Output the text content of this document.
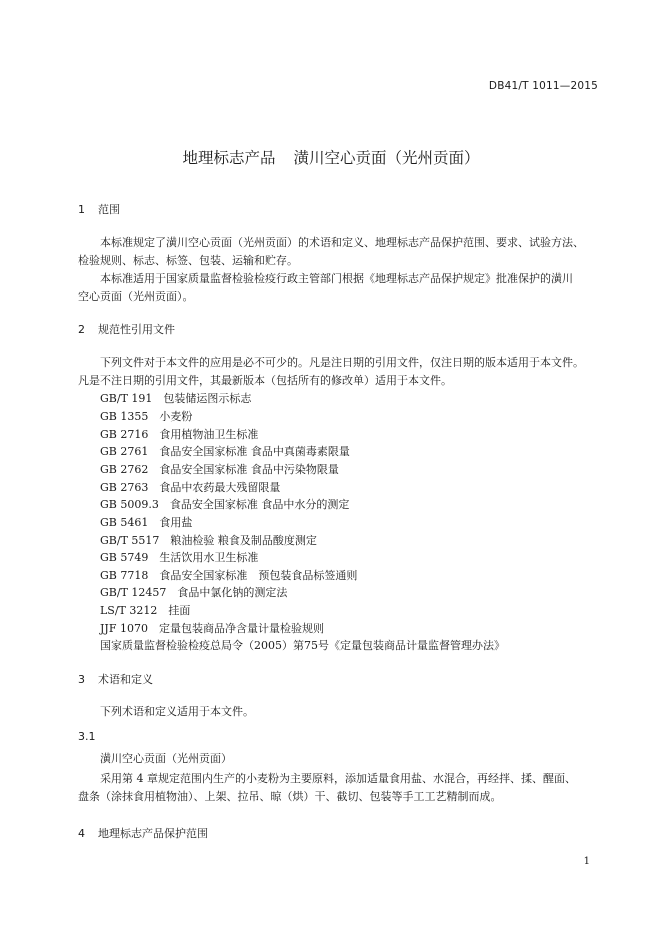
DB41/T 1011—2015
地理标志产品 潢川空心贡面（光州贡面）
1 范围
本标准规定了潢川空心贡面（光州贡面）的术语和定义、地理标志产品保护范围、要求、试验方法、
检验规则、标志、标签、包装、运输和贮存。
本标准适用于国家质量监督检验检疫行政主管部门根据《地理标志产品保护规定》批准保护的潢川
空心贡面（光州贡面）。
2 规范性引用文件
下列文件对于本文件的应用是必不可少的。凡是注日期的引用文件，仅注日期的版本适用于本文件。
凡是不注日期的引用文件，其最新版本（包括所有的修改单）适用于本文件。
GB/T 191　包装储运图示标志
GB 1355　小麦粉
GB 2716　食用植物油卫生标准
GB 2761　食品安全国家标准 食品中真菌毒素限量
GB 2762　食品安全国家标准 食品中污染物限量
GB 2763　食品中农药最大残留限量
GB 5009.3　食品安全国家标准 食品中水分的测定
GB 5461　食用盐
GB/T 5517　粮油检验 粮食及制品酸度测定
GB 5749　生活饮用水卫生标准
GB 7718　食品安全国家标准　预包装食品标签通则
GB/T 12457　食品中氯化钠的测定法
LS/T 3212　挂面
JJF 1070　定量包装商品净含量计量检验规则
国家质量监督检验检疫总局令（2005）第75号《定量包装商品计量监督管理办法》
3 术语和定义
下列术语和定义适用于本文件。
3.1
潢川空心贡面（光州贡面）
采用第 4 章规定范围内生产的小麦粉为主要原料，添加适量食用盐、水混合，再经拌、揉、醒面、
盘条（涂抹食用植物油）、上架、拉吊、晾（烘）干、截切、包装等手工工艺精制而成。
4 地理标志产品保护范围
1
